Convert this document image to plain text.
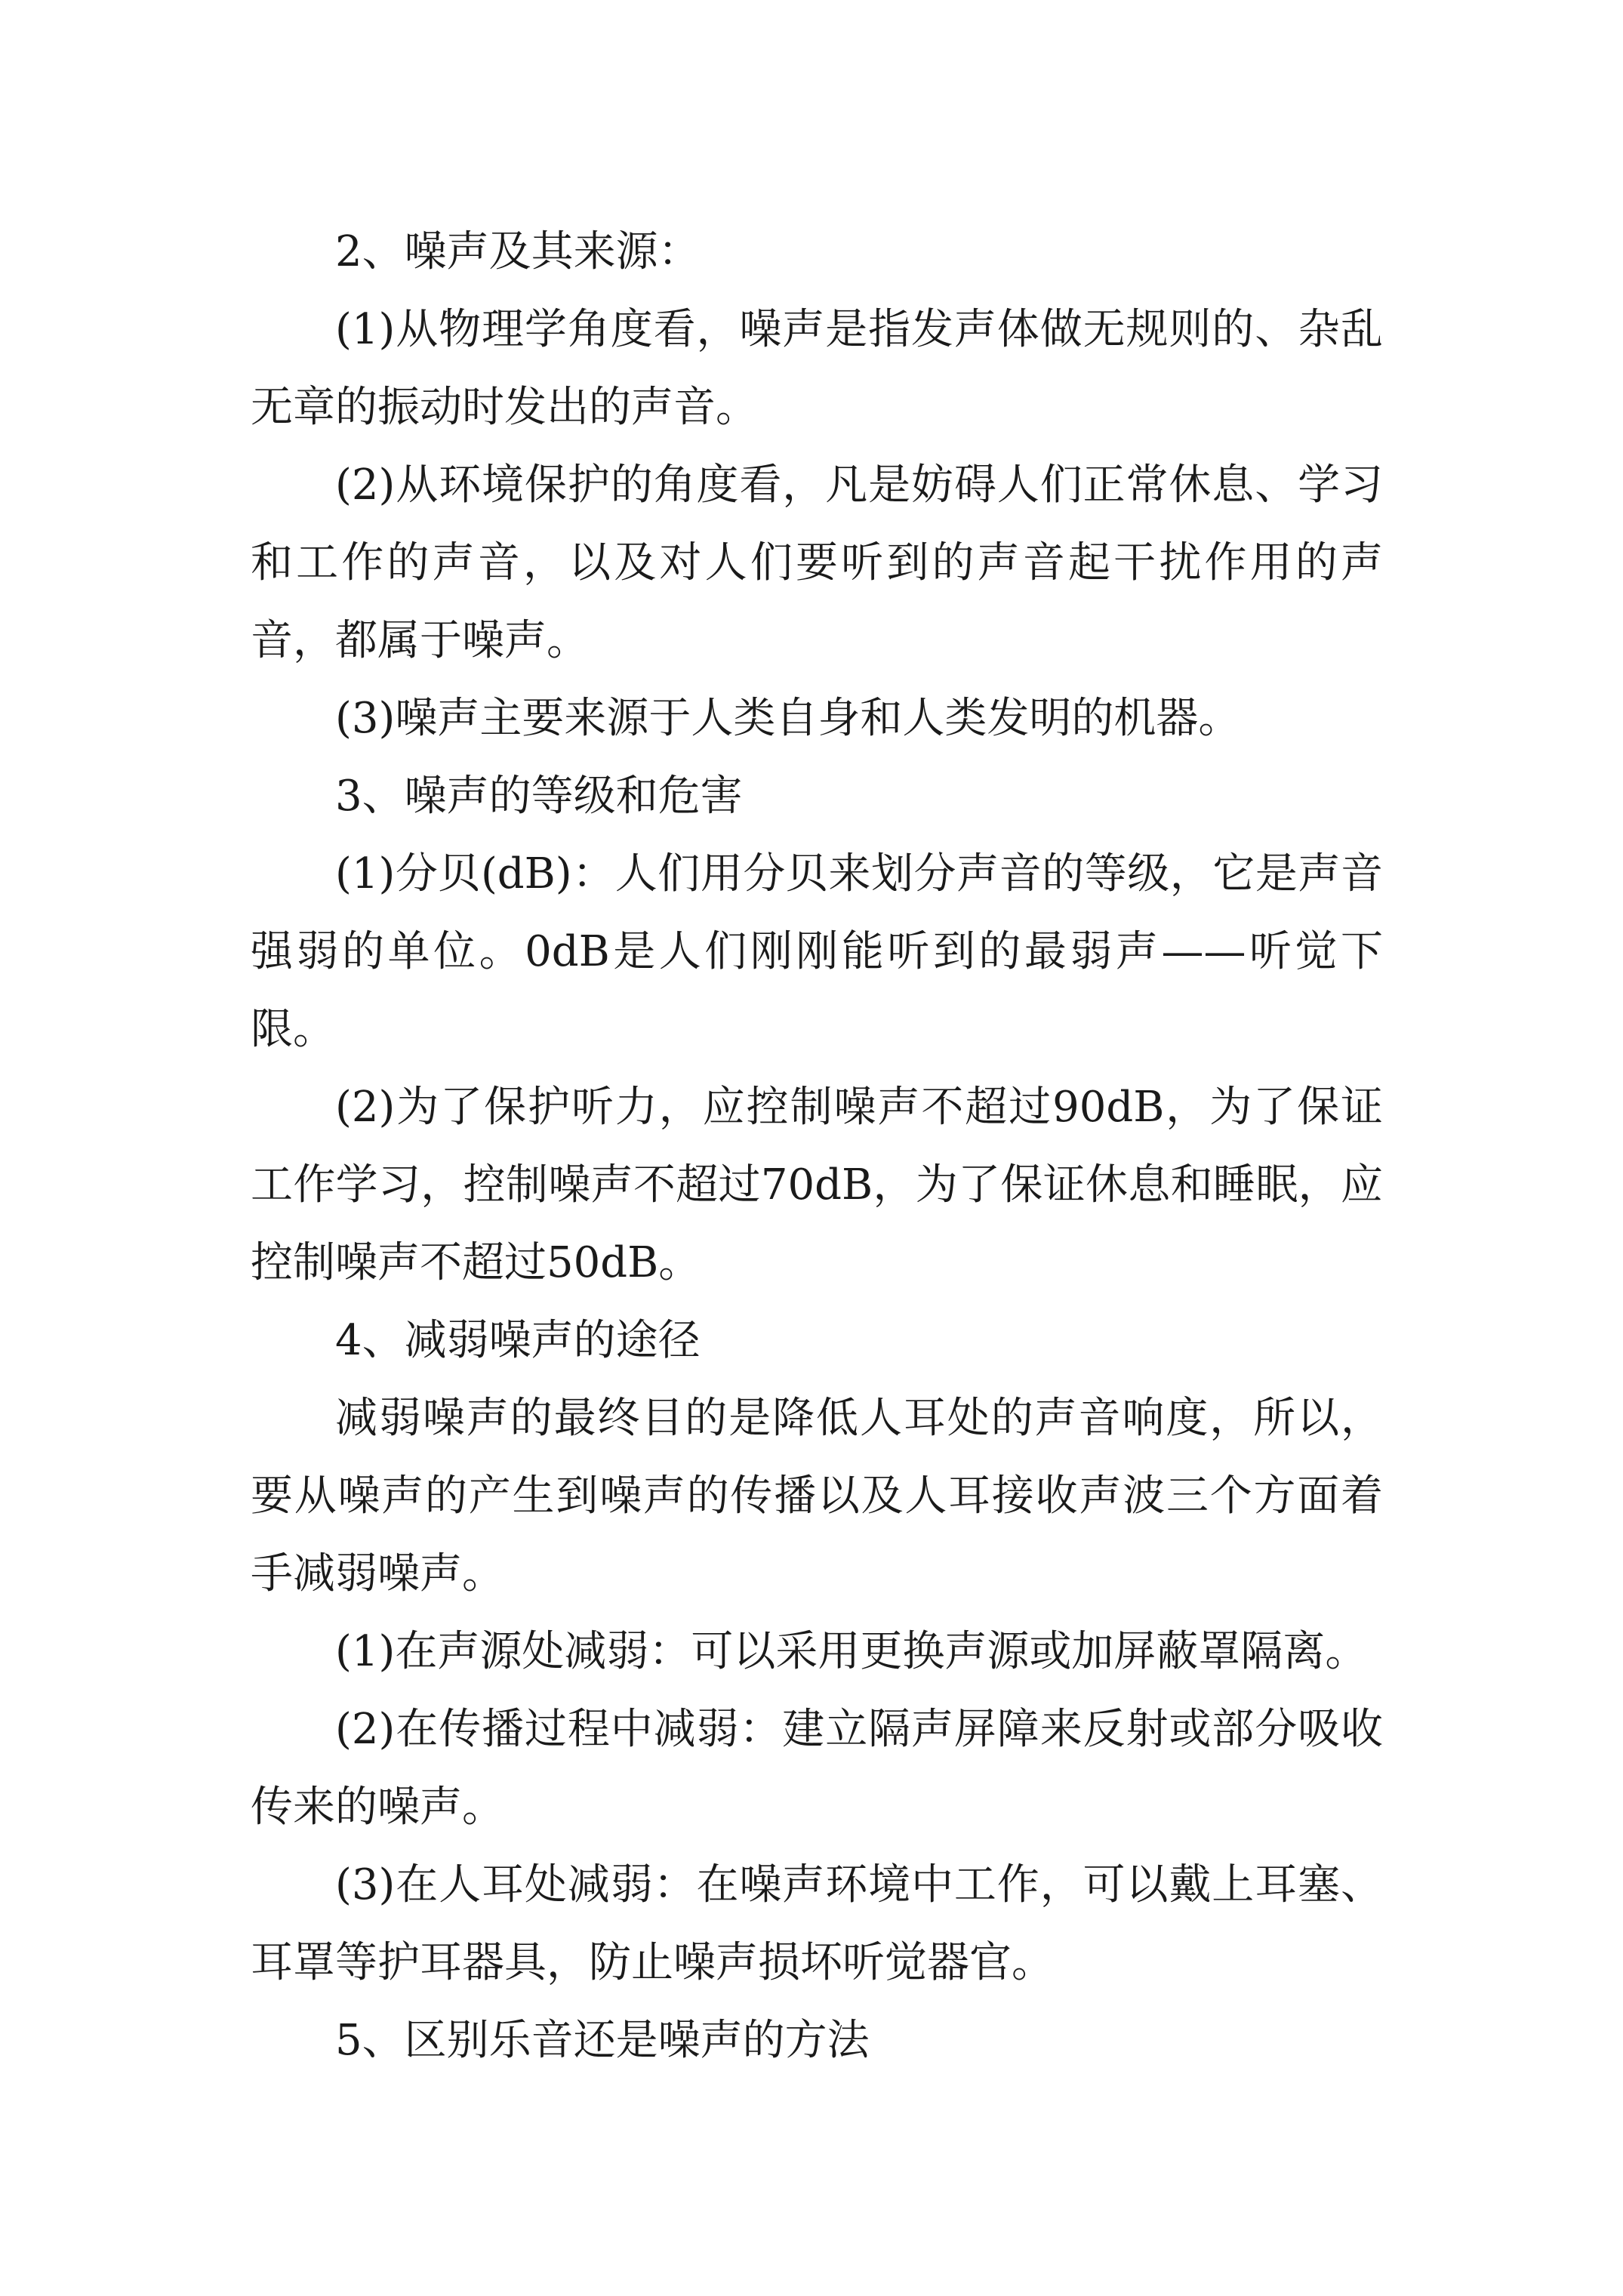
2、噪声及其来源：

(1)从物理学角度看，噪声是指发声体做无规则的、杂乱无章的振动时发出的声音。

(2)从环境保护的角度看，凡是妨碍人们正常休息、学习和工作的声音，以及对人们要听到的声音起干扰作用的声音，都属于噪声。

(3)噪声主要来源于人类自身和人类发明的机器。

3、噪声的等级和危害

(1)分贝(dB)：人们用分贝来划分声音的等级，它是声音强弱的单位。0dB是人们刚刚能听到的最弱声——听觉下限。

(2)为了保护听力，应控制噪声不超过90dB，为了保证工作学习，控制噪声不超过70dB，为了保证休息和睡眠，应控制噪声不超过50dB。

4、减弱噪声的途径

减弱噪声的最终目的是降低人耳处的声音响度，所以，要从噪声的产生到噪声的传播以及人耳接收声波三个方面着手减弱噪声。

(1)在声源处减弱：可以采用更换声源或加屏蔽罩隔离。

(2)在传播过程中减弱：建立隔声屏障来反射或部分吸收传来的噪声。

(3)在人耳处减弱：在噪声环境中工作，可以戴上耳塞、耳罩等护耳器具，防止噪声损坏听觉器官。

5、区别乐音还是噪声的方法
